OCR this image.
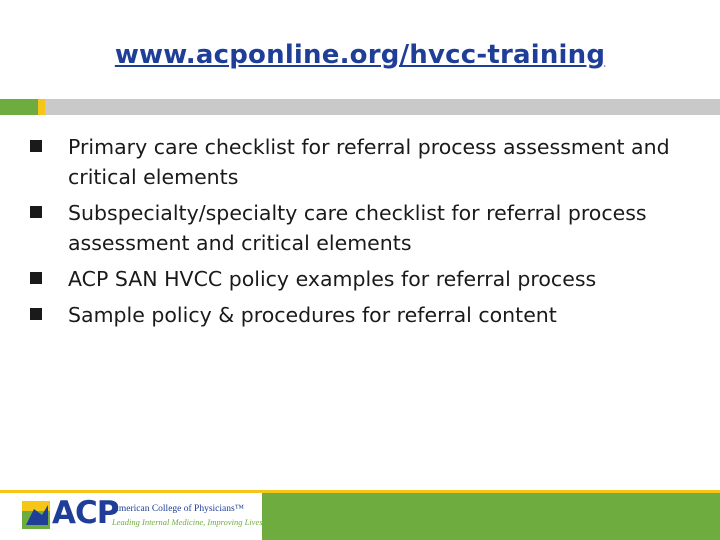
www.acponline.org/hvcc-training
Primary care checklist for referral process assessment and critical elements
Subspecialty/specialty care checklist for referral process assessment and critical elements
ACP SAN HVCC policy examples for referral process
Sample policy & procedures for referral content
50
ACP
American College of Physicians™
Leading Internal Medicine, Improving Lives
